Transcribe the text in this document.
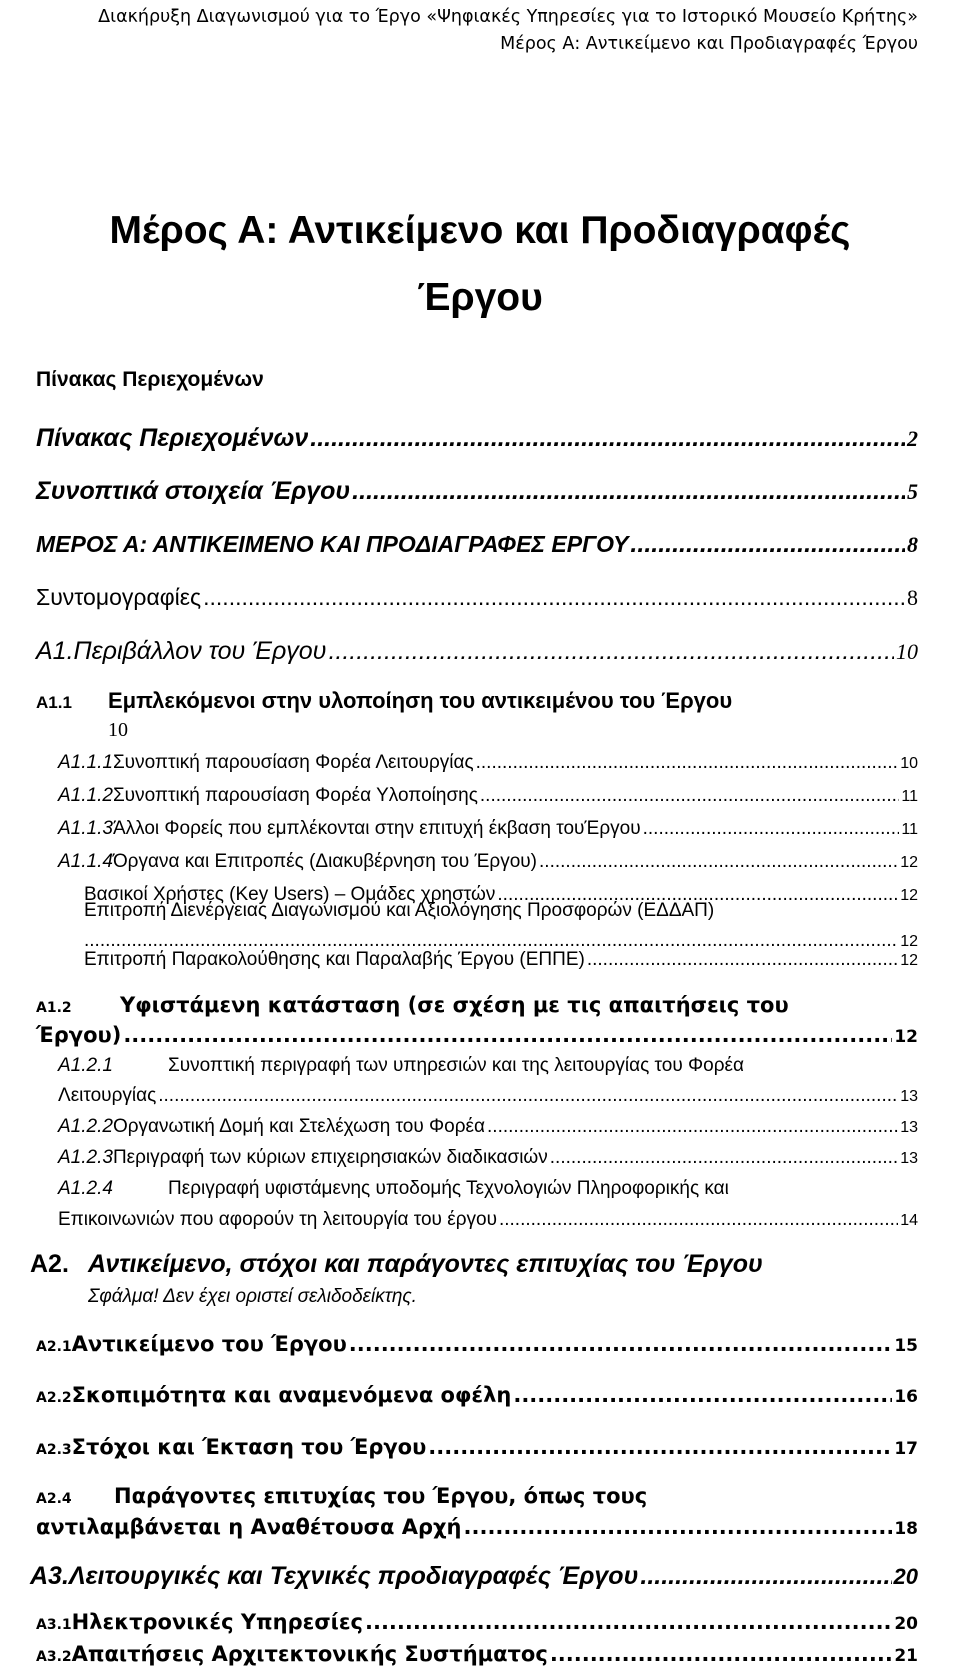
Διακήρυξη Διαγωνισμού για το Έργο «Ψηφιακές Υπηρεσίες για το Ιστορικό Μουσείο Κρήτης»
Μέρος Α: Αντικείμενο και Προδιαγραφές Έργου
Μέρος Α: Αντικείμενο και Προδιαγραφές
Έργου
Πίνακας Περιεχομένων
Πίνακας Περιεχομένων .....	2
Συνοπτικά στοιχεία Έργου .....	5
ΜΕΡΟΣ Α: ΑΝΤΙΚΕΙΜΕΝΟ ΚΑΙ ΠΡΟΔΙΑΓΡΑΦΕΣ ΕΡΓΟΥ .....	8
Συντομογραφίες .....	8
Α1. Περιβάλλον του Έργου .....	10
Α1.1 Εμπλεκόμενοι στην υλοποίηση του αντικειμένου του Έργου
10
Α1.1.1 Συνοπτική παρουσίαση Φορέα Λειτουργίας .....	10
Α1.1.2 Συνοπτική παρουσίαση Φορέα Υλοποίησης .....	11
Α1.1.3 Άλλοι Φορείς που εμπλέκονται στην επιτυχή έκβαση τουΈργου .....	11
Α1.1.4 Όργανα και Επιτροπές (Διακυβέρνηση του Έργου) .....	12
Βασικοί Χρήστες (Key Users) – Ομάδες χρηστών .....	12
Επιτροπή Διενέργειας Διαγωνισμού και Αξιολόγησης Προσφορών (ΕΔΔΑΠ)
.....
12
Επιτροπή Παρακολούθησης και Παραλαβής Έργου (ΕΠΠΕ) .....	12
Α1.2 Υφιστάμενη κατάσταση (σε σχέση με τις απαιτήσεις του
Έργου) .....	12
Α1.2.1	Συνοπτική περιγραφή των υπηρεσιών και της λειτουργίας του Φορέα
Λειτουργίας .....	13
Α1.2.2 Οργανωτική Δομή και Στελέχωση του Φορέα .....	13
Α1.2.3 Περιγραφή των κύριων επιχειρησιακών διαδικασιών .....	13
Α1.2.4	Περιγραφή υφιστάμενης υποδομής Τεχνολογιών Πληροφορικής και
Επικοινωνιών που αφορούν τη λειτουργία του έργου .....	14
Α2. Αντικείμενο, στόχοι και παράγοντες επιτυχίας του Έργου
Σφάλμα! Δεν έχει οριστεί σελιδοδείκτης.
Α2.1 Αντικείμενο του Έργου .....	15
Α2.2 Σκοπιμότητα και αναμενόμενα οφέλη .....	16
Α2.3 Στόχοι και Έκταση του Έργου .....	17
Α2.4 Παράγοντες επιτυχίας του Έργου, όπως τους
αντιλαμβάνεται η Αναθέτουσα Αρχή .....	18
Α3. Λειτουργικές και Τεχνικές προδιαγραφές Έργου .....	20
Α3.1 Ηλεκτρονικές Υπηρεσίες .....	20
Α3.2 Απαιτήσεις Αρχιτεκτονικής Συστήματος .....	21
